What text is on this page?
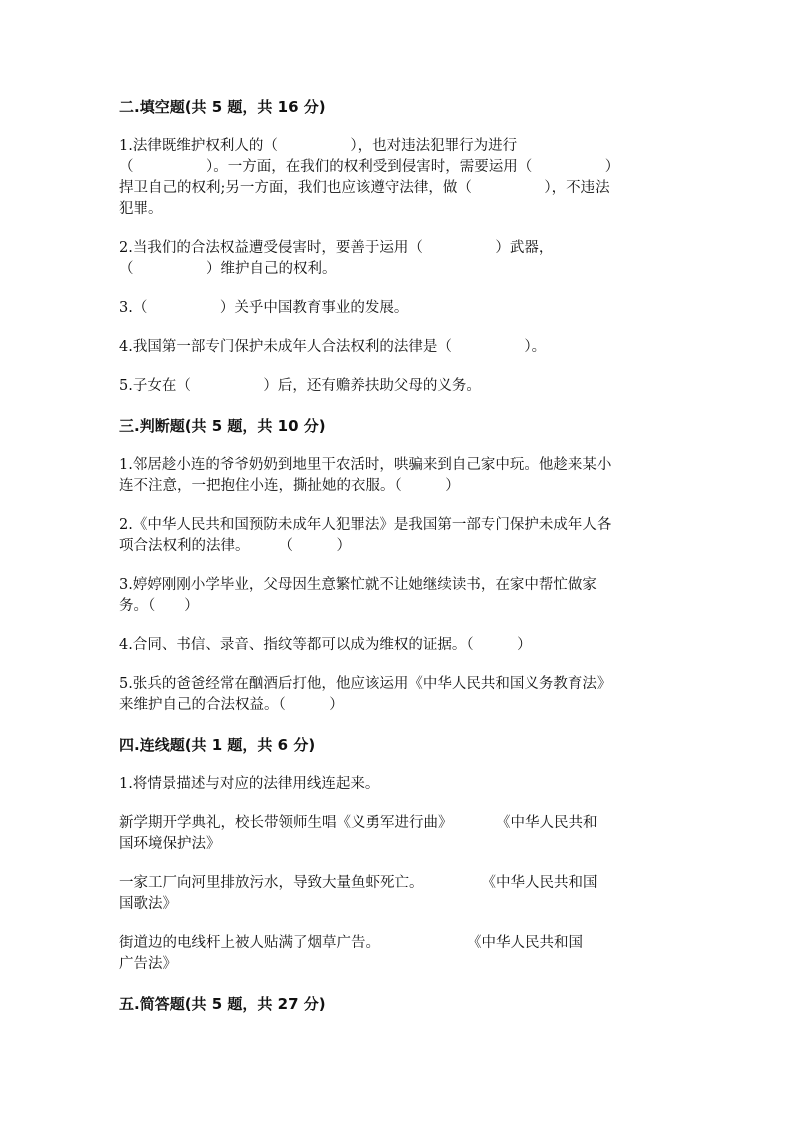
二.填空题(共 5 题，共 16 分)
1.法律既维护权利人的（　　　　　），也对违法犯罪行为进行
（　　　　　）。一方面，在我们的权利受到侵害时，需要运用（　　　　　）
捍卫自己的权利;另一方面，我们也应该遵守法律，做（　　　　　），不违法
犯罪。
2.当我们的合法权益遭受侵害时，要善于运用（　　　　　）武器，
（　　　　　）维护自己的权利。
3.（　　　　　）关乎中国教育事业的发展。
4.我国第一部专门保护未成年人合法权利的法律是（　　　　　）。
5.子女在（　　　　　）后，还有赡养扶助父母的义务。
三.判断题(共 5 题，共 10 分)
1.邻居趁小连的爷爷奶奶到地里干农活时，哄骗来到自己家中玩。他趁来某小
连不注意，一把抱住小连，撕扯她的衣服。（　　　）
2.《中华人民共和国预防未成年人犯罪法》是我国第一部专门保护未成年人各
项合法权利的法律。　　　（　　　）
3.婷婷刚刚小学毕业，父母因生意繁忙就不让她继续读书，在家中帮忙做家
务。（　　）
4.合同、书信、录音、指纹等都可以成为维权的证据。（　　　）
5.张兵的爸爸经常在酗酒后打他，他应该运用《中华人民共和国义务教育法》
来维护自己的合法权益。（　　　）
四.连线题(共 1 题，共 6 分)
1.将情景描述与对应的法律用线连起来。
新学期开学典礼，校长带领师生唱《义勇军进行曲》　　　　《中华人民共和
国环境保护法》
一家工厂向河里排放污水，导致大量鱼虾死亡。　　　　　《中华人民共和国
国歌法》
街道边的电线杆上被人贴满了烟草广告。　　　　　　　《中华人民共和国
广告法》
五.简答题(共 5 题，共 27 分)
